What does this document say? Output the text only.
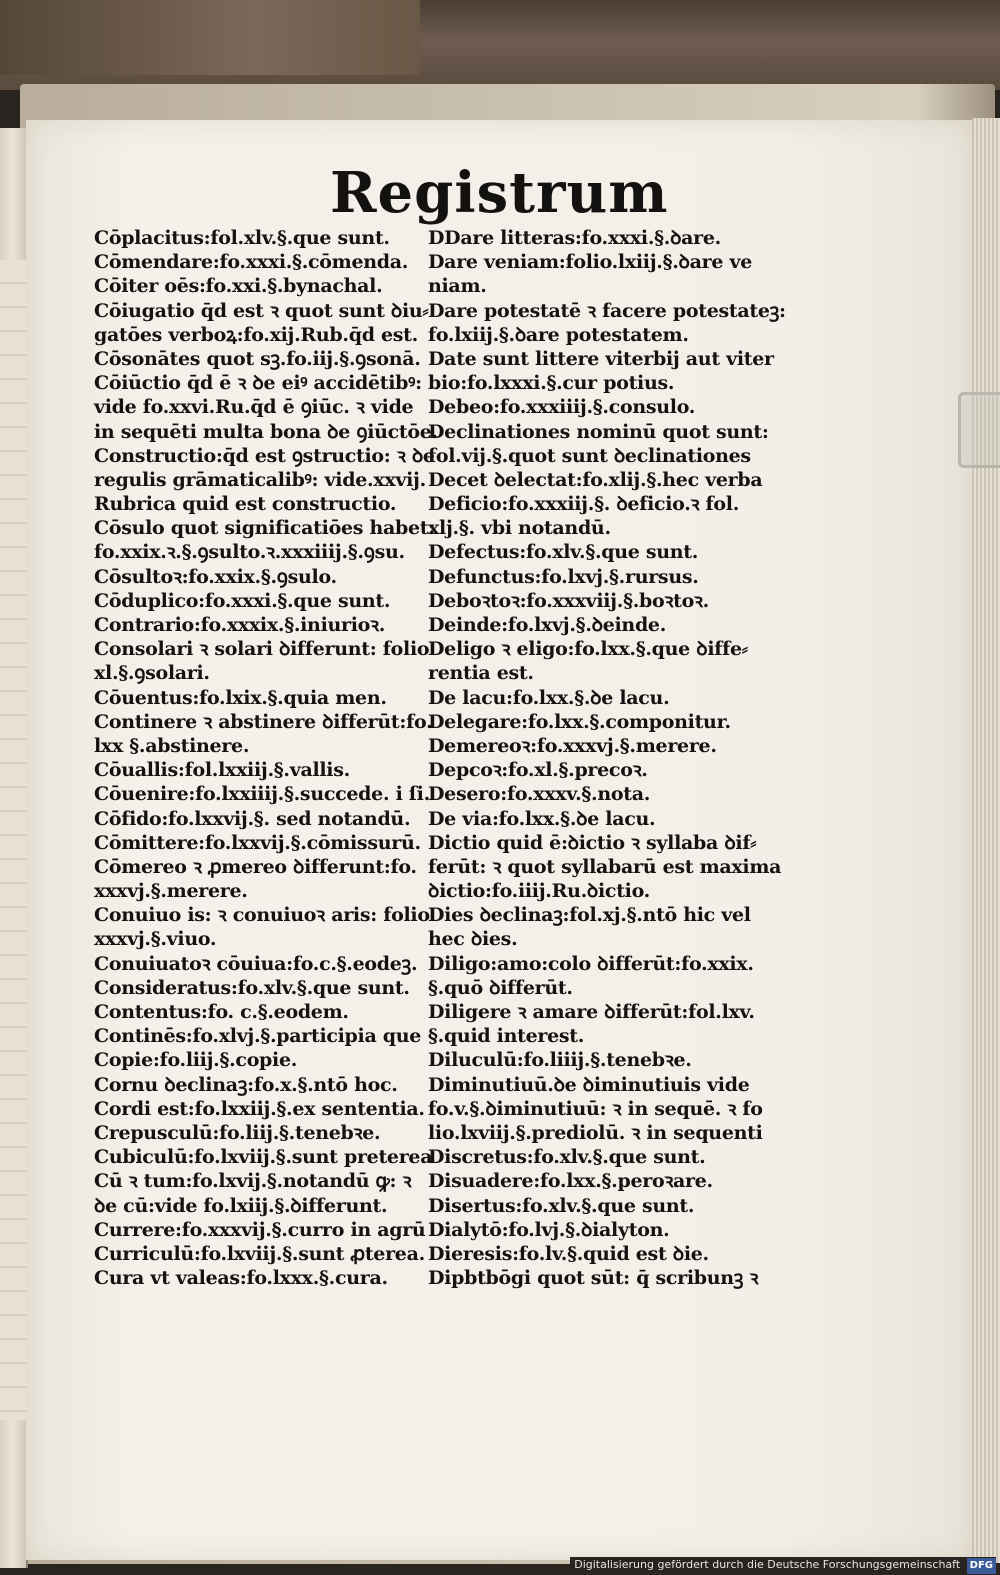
Registrum
Cōplacitus:fol.xlv.§.que sunt.
Cōmendare:fo.xxxi.§.cōmenda.
Cōiter oēs:fo.xxi.§.bynachal.
Cōiugatio q̄d est ꝛ quot sunt ꝺiu⸗
gatōes verboꝝ:fo.xij.Rub.q̄d est.
Cōsonātes quot sꝫ.fo.iij.§.ꝯsonā.
Cōiūctio q̄d ē ꝛ ꝺe eiꝰ accidētibꝰ:
vide fo.xxvi.Ru.q̄d ē ꝯiūc. ꝛ vide
in sequēti multa bona ꝺe ꝯiūctōe.
Constructio:q̄d est ꝯstructio: ꝛ ꝺe
regulis grāmaticalibꝰ: vide.xxvij.
Rubrica quid est constructio.
Cōsulo quot significatiōes habet:
fo.xxix.ꝛ.§.ꝯsulto.ꝛ.xxxiiij.§.ꝯsu.
Cōsultoꝛ:fo.xxix.§.ꝯsulo.
Cōduplico:fo.xxxi.§.que sunt.
Contrario:fo.xxxix.§.iniurioꝛ.
Consolari ꝛ solari ꝺifferunt: folio
xl.§.ꝯsolari.
Cōuentus:fo.lxix.§.quia men.
Continere ꝛ abstinere ꝺifferūt:fo.
lxx §.abstinere.
Cōuallis:fol.lxxiij.§.vallis.
Cōuenire:fo.lxxiiij.§.succede. i ſi.
Cōfido:fo.lxxvij.§. sed notandū.
Cōmittere:fo.lxxvij.§.cōmissurū.
Cōmereo ꝛ ꝓmereo ꝺifferunt:fo.
xxxvj.§.merere.
Conuiuo is: ꝛ conuiuoꝛ aris: folio
xxxvj.§.viuo.
Conuiuatoꝛ cōuiua:fo.c.§.eodeꝫ.
Consideratus:fo.xlv.§.que sunt.
Contentus:fo. c.§.eodem.
Continēs:fo.xlvj.§.participia que
Copie:fo.liij.§.copie.
Cornu ꝺeclinaꝫ:fo.x.§.ntō hoc.
Cordi est:fo.lxxiij.§.ex sententia.
Crepusculū:fo.liij.§.tenebꝛe.
Cubiculū:fo.lxviij.§.sunt preterea
Cū ꝛ tum:fo.lxvij.§.notandū ꝙ: ꝛ
ꝺe cū:vide fo.lxiij.§.ꝺifferunt.
Currere:fo.xxxvij.§.curro in agrū
Curriculū:fo.lxviij.§.sunt ꝓterea.
Cura vt valeas:fo.lxxx.§.cura.
DDare litteras:fo.xxxi.§.ꝺare.
Dare veniam:folio.lxiij.§.ꝺare ve
niam.
Dare potestatē ꝛ facere potestateꝫ:
fo.lxiij.§.ꝺare potestatem.
Date sunt littere viterbij aut viter
bio:fo.lxxxi.§.cur potius.
Debeo:fo.xxxiiij.§.consulo.
Declinationes nominū quot sunt:
fol.vij.§.quot sunt ꝺeclinationes
Decet ꝺelectat:fo.xlij.§.hec verba
Deficio:fo.xxxiij.§. ꝺeficio.ꝛ fol.
xlj.§. vbi notandū.
Defectus:fo.xlv.§.que sunt.
Defunctus:fo.lxvj.§.rursus.
Deboꝛtoꝛ:fo.xxxviij.§.boꝛtoꝛ.
Deinde:fo.lxvj.§.ꝺeinde.
Deligo ꝛ eligo:fo.lxx.§.que ꝺiffe⸗
rentia est.
De lacu:fo.lxx.§.ꝺe lacu.
Delegare:fo.lxx.§.componitur.
Demereoꝛ:fo.xxxvj.§.merere.
Depcoꝛ:fo.xl.§.precoꝛ.
Desero:fo.xxxv.§.nota.
De via:fo.lxx.§.ꝺe lacu.
Dictio quid ē:ꝺictio ꝛ syllaba ꝺif⸗
ferūt: ꝛ quot syllabarū est maxima
ꝺictio:fo.iiij.Ru.ꝺictio.
Dies ꝺeclinaꝫ:fol.xj.§.ntō hic vel
hec ꝺies.
Diligo:amo:colo ꝺifferūt:fo.xxix.
§.quō ꝺifferūt.
Diligere ꝛ amare ꝺifferūt:fol.lxv.
§.quid interest.
Diluculū:fo.liiij.§.tenebꝛe.
Diminutiuū.ꝺe ꝺiminutiuis vide
fo.v.§.ꝺiminutiuū: ꝛ in sequē. ꝛ fo
lio.lxviij.§.prediolū. ꝛ in sequenti
Discretus:fo.xlv.§.que sunt.
Disuadere:fo.lxx.§.peroꝛare.
Disertus:fo.xlv.§.que sunt.
Dialytō:fo.lvj.§.ꝺialyton.
Dieresis:fo.lv.§.quid est ꝺie.
Dipbtbōgi quot sūt: q̄ scribunꝫ ꝛ
Digitalisierung gefördert durch die Deutsche Forschungsgemeinschaft DFG
